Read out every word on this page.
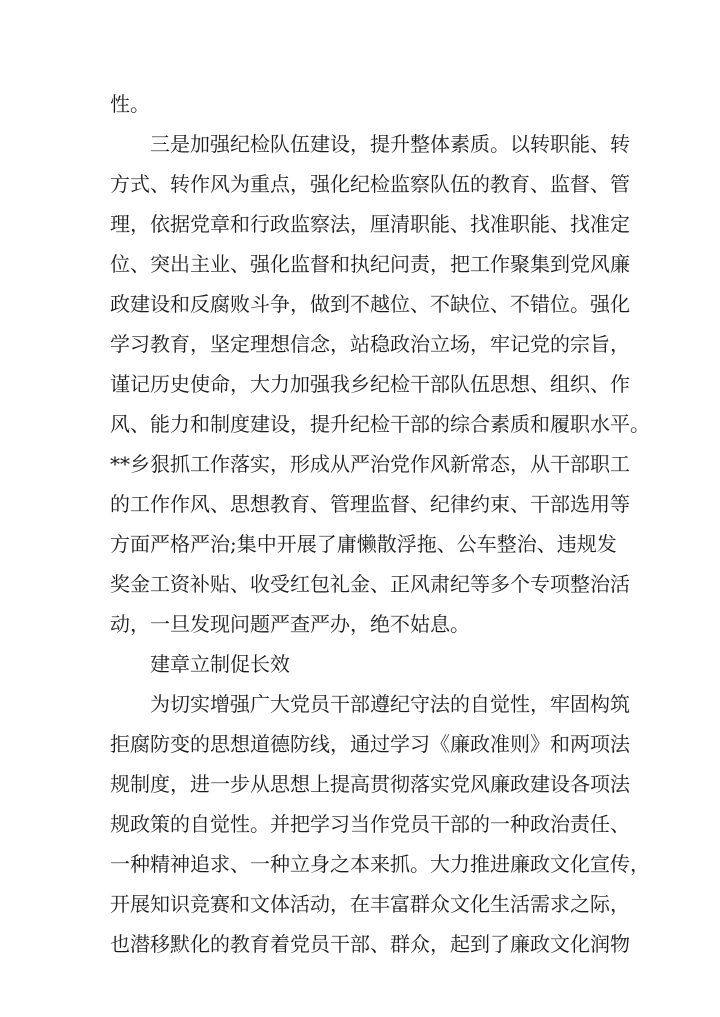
性。
三是加强纪检队伍建设，提升整体素质。以转职能、转
方式、转作风为重点，强化纪检监察队伍的教育、监督、管
理，依据党章和行政监察法，厘清职能、找准职能、找准定
位、突出主业、强化监督和执纪问责，把工作聚集到党风廉
政建设和反腐败斗争，做到不越位、不缺位、不错位。强化
学习教育，坚定理想信念，站稳政治立场，牢记党的宗旨，
谨记历史使命，大力加强我乡纪检干部队伍思想、组织、作
风、能力和制度建设，提升纪检干部的综合素质和履职水平。
**乡狠抓工作落实，形成从严治党作风新常态，从干部职工
的工作作风、思想教育、管理监督、纪律约束、干部选用等
方面严格严治;集中开展了庸懒散浮拖、公车整治、违规发
奖金工资补贴、收受红包礼金、正风肃纪等多个专项整治活
动，一旦发现问题严查严办，绝不姑息。
建章立制促长效
为切实增强广大党员干部遵纪守法的自觉性，牢固构筑
拒腐防变的思想道德防线，通过学习《廉政准则》和两项法
规制度，进一步从思想上提高贯彻落实党风廉政建设各项法
规政策的自觉性。并把学习当作党员干部的一种政治责任、
一种精神追求、一种立身之本来抓。大力推进廉政文化宣传，
开展知识竞赛和文体活动，在丰富群众文化生活需求之际，
也潜移默化的教育着党员干部、群众，起到了廉政文化润物
